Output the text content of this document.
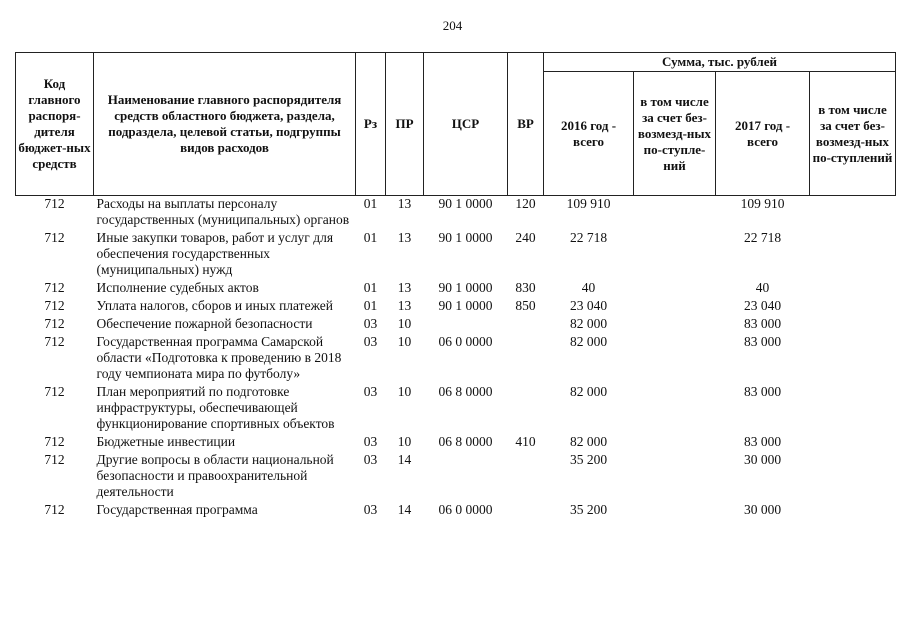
204
Код главного распоря-дителя бюджет-ных средств	Наименование главного распорядителя средств областного бюджета, раздела, подраздела, целевой статьи, подгруппы видов расходов	Рз	ПР	ЦСР	ВР	Сумма, тыс. рублей			
						2016 год - всего	в том числе за счет без-возмезд-ных по-ступле-ний	2017 год - всего	в том числе за счет без-возмезд-ных по-ступлений
712	Расходы на выплаты персоналу государственных (муниципальных) органов	01	13	90 1 0000	120	109 910		109 910	
712	Иные закупки товаров, работ и услуг для обеспечения государственных (муниципальных) нужд	01	13	90 1 0000	240	22 718		22 718	
712	Исполнение судебных актов	01	13	90 1 0000	830	40		40	
712	Уплата налогов, сборов и иных платежей	01	13	90 1 0000	850	23 040		23 040	
712	Обеспечение пожарной безопасности	03	10			82 000		83 000	
712	Государственная программа Самарской области «Подготовка к проведению в 2018 году чемпионата мира по футболу»	03	10	06 0 0000		82 000		83 000	
712	План мероприятий по подготовке инфраструктуры, обеспечивающей функционирование спортивных объектов	03	10	06 8 0000		82 000		83 000	
712	Бюджетные инвестиции	03	10	06 8 0000	410	82 000		83 000	
712	Другие вопросы в области национальной безопасности и правоохранительной деятельности	03	14			35 200		30 000	
712	Государственная программа	03	14	06 0 0000		35 200		30 000	
